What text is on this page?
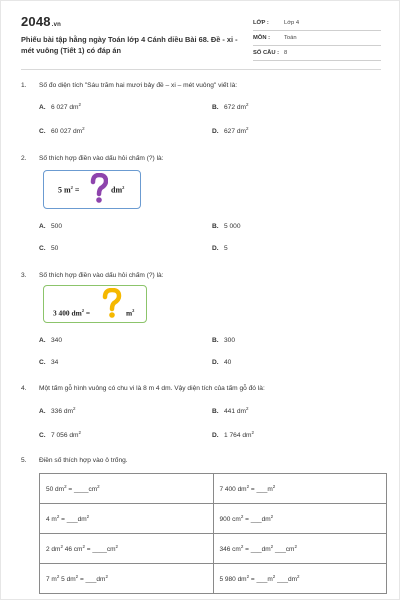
2048.vn
Phiếu bài tập hằng ngày Toán lớp 4 Cánh diều Bài 68. Đề - xi - mét vuông (Tiết 1) có đáp án
LỚP :	Lớp 4
MÔN :	Toán
SỐ CÂU : 8
1. Số đo diện tích "Sáu trăm hai mươi bảy đề – xi – mét vuông" viết là:
A. 6 027 $dm^2$	B. 672 $dm^2$
C. 60 027 $dm^2$	D. 627 $dm^2$
2. Số thích hợp điền vào dấu hỏi chấm (?) là:
5 $m^2$ =	$dm^2$
A. 500	B. 5 000
C. 50	D. 5
3. Số thích hợp điền vào dấu hỏi chấm (?) là:
3 400 $dm^2$ =	$m^2$
A. 340	B. 300
C. 34	D. 40
4. Một tấm gỗ hình vuông có chu vi là 8 m 4 dm. Vậy diện tích của tấm gỗ đó là:
A. 336 $dm^2$	B. 441 $dm^2$
C. 7 056 $dm^2$	D. 1 764 $dm^2$
5. Điền số thích hợp vào ô trống.
50 $dm^2$ = $\_\_\_\_cm^2$	7 400 $dm^2$ = $\_\_\_m^2$
4 $m^2$ = $\_\_\_dm^2$	900 $cm^2$ = $\_\_\_dm^2$
2 $dm^2$ 46 $cm^2$ = $\_\_\_\_cm^2$	346 $cm^2$ = $\_\_\_dm^2$ $\_\_\_cm^2$
7 $m^2$ 5 $dm^2$ = $\_\_\_dm^2$	5 980 $dm^2$ = $\_\_\_m^2$ $\_\_\_dm^2$
